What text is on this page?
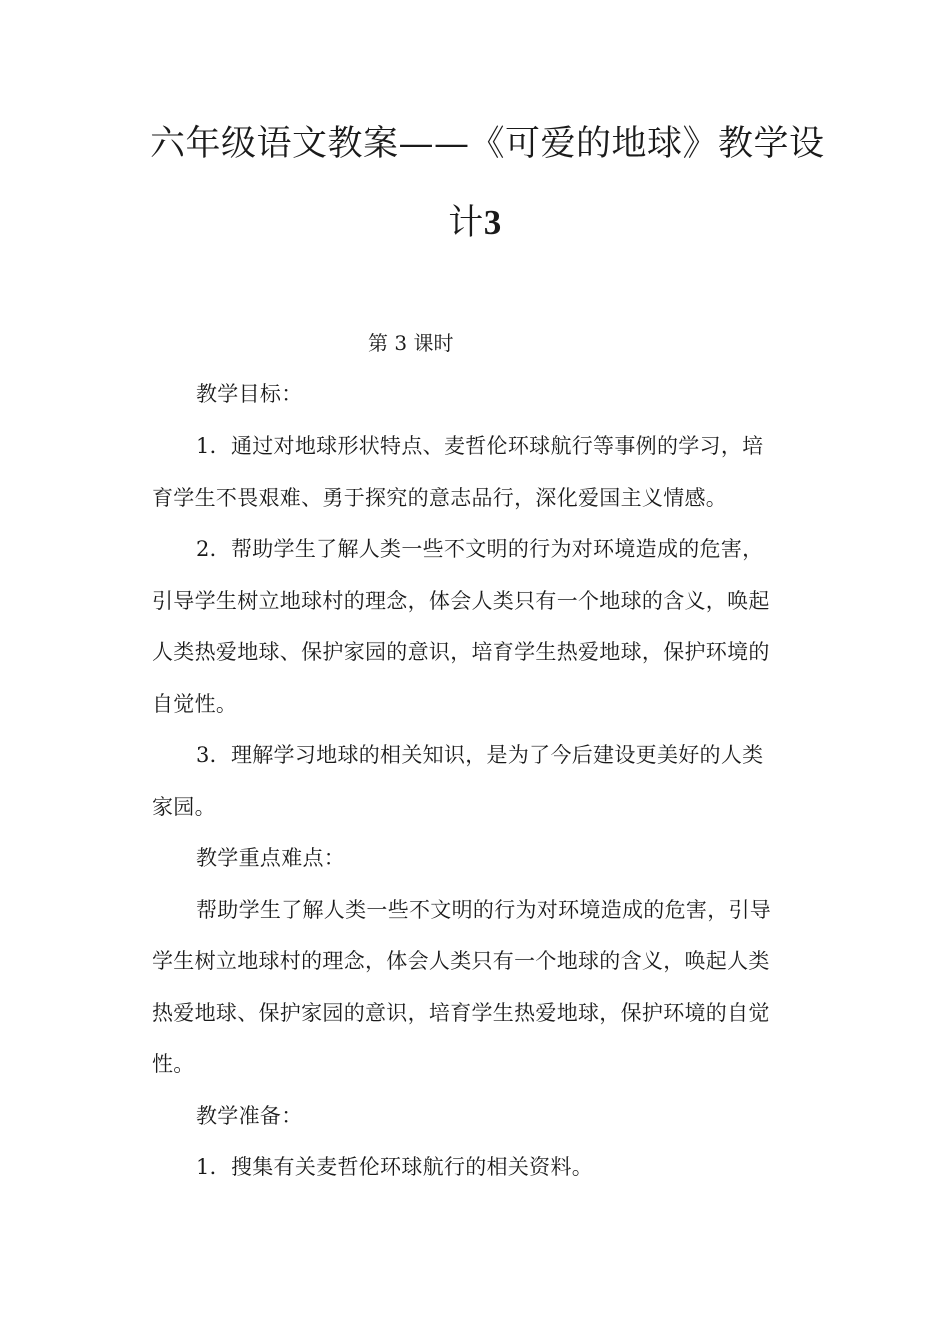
六年级语文教案——《可爱的地球》教学设
计3
第 3 课时
教学目标：
1．通过对地球形状特点、麦哲伦环球航行等事例的学习，培
育学生不畏艰难、勇于探究的意志品行，深化爱国主义情感。
2．帮助学生了解人类一些不文明的行为对环境造成的危害，
引导学生树立地球村的理念，体会人类只有一个地球的含义，唤起
人类热爱地球、保护家园的意识，培育学生热爱地球，保护环境的
自觉性。
3．理解学习地球的相关知识，是为了今后建设更美好的人类
家园。
教学重点难点：
帮助学生了解人类一些不文明的行为对环境造成的危害，引导
学生树立地球村的理念，体会人类只有一个地球的含义，唤起人类
热爱地球、保护家园的意识，培育学生热爱地球，保护环境的自觉
性。
教学准备：
1．搜集有关麦哲伦环球航行的相关资料。
